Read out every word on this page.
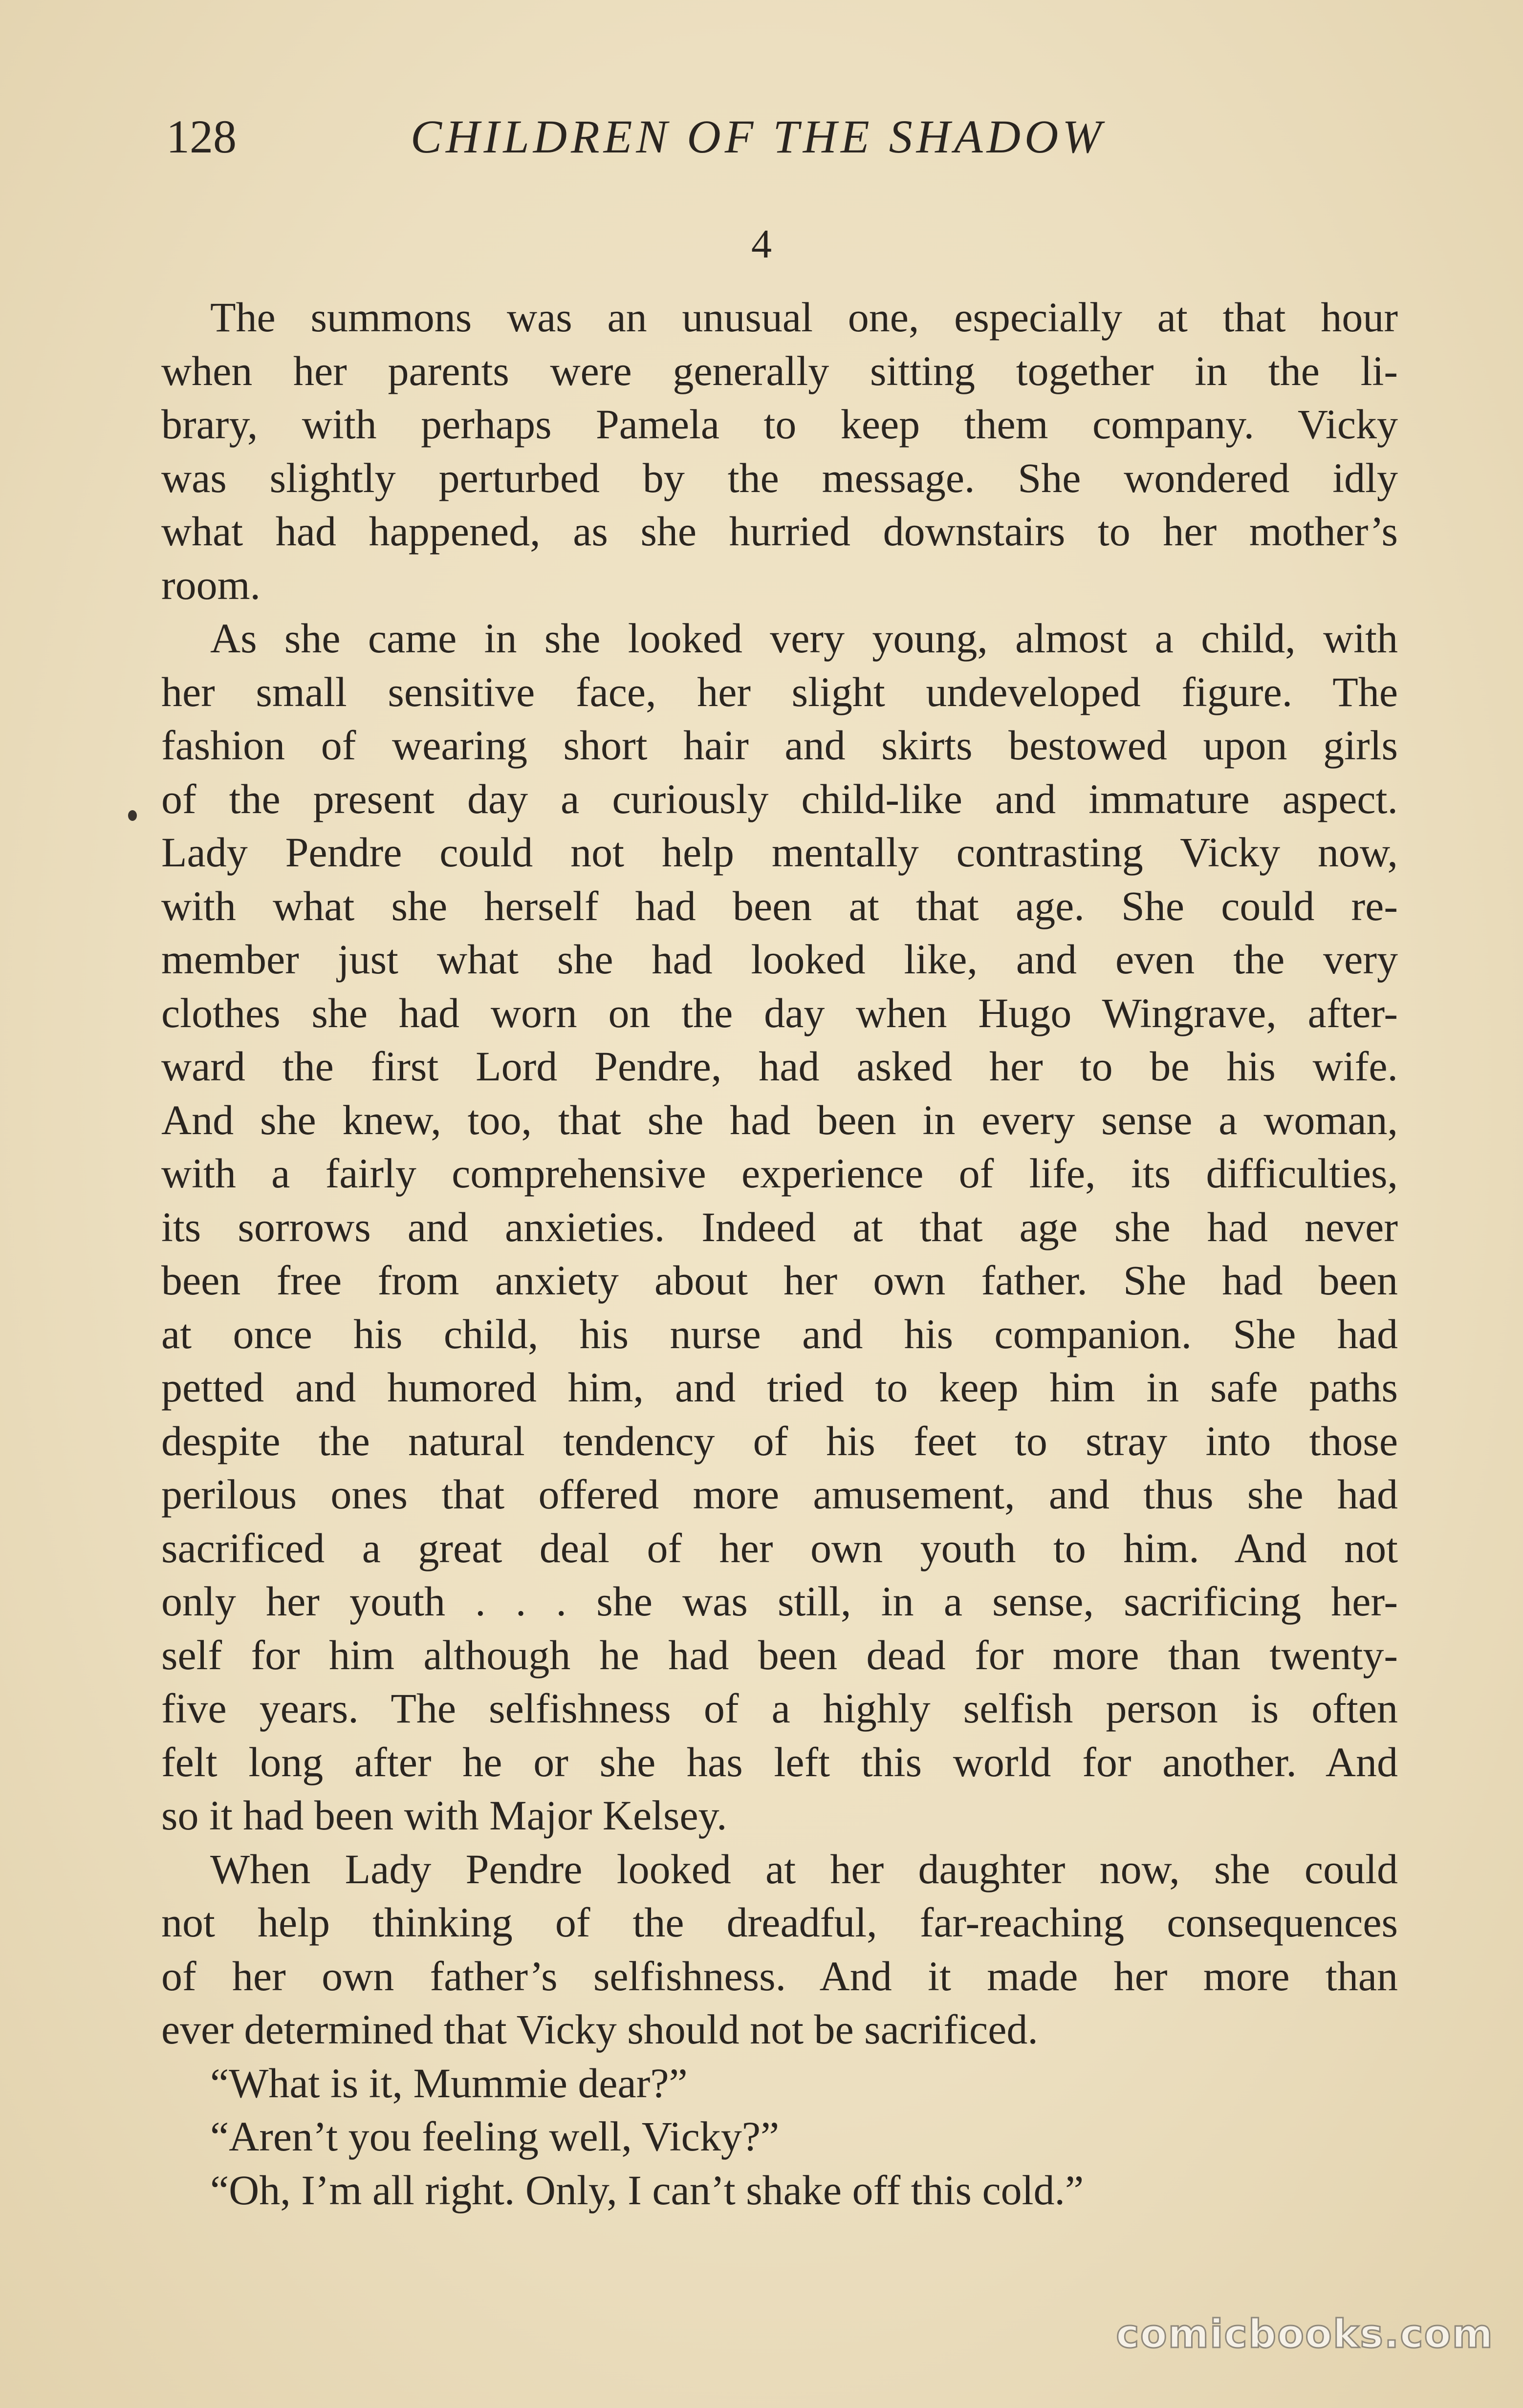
128	CHILDREN OF THE SHADOW
4
The summons was an unusual one, especially at that hour
when her parents were generally sitting together in the li-
brary, with perhaps Pamela to keep them company. Vicky
was slightly perturbed by the message. She wondered idly
what had happened, as she hurried downstairs to her mother’s
room.
As she came in she looked very young, almost a child, with
her small sensitive face, her slight undeveloped figure. The
fashion of wearing short hair and skirts bestowed upon girls
of the present day a curiously child-like and immature aspect.
Lady Pendre could not help mentally contrasting Vicky now,
with what she herself had been at that age. She could re-
member just what she had looked like, and even the very
clothes she had worn on the day when Hugo Wingrave, after-
ward the first Lord Pendre, had asked her to be his wife.
And she knew, too, that she had been in every sense a woman,
with a fairly comprehensive experience of life, its difficulties,
its sorrows and anxieties. Indeed at that age she had never
been free from anxiety about her own father. She had been
at once his child, his nurse and his companion. She had
petted and humored him, and tried to keep him in safe paths
despite the natural tendency of his feet to stray into those
perilous ones that offered more amusement, and thus she had
sacrificed a great deal of her own youth to him. And not
only her youth . . . she was still, in a sense, sacrificing her-
self for him although he had been dead for more than twenty-
five years. The selfishness of a highly selfish person is often
felt long after he or she has left this world for another. And
so it had been with Major Kelsey.
When Lady Pendre looked at her daughter now, she could
not help thinking of the dreadful, far-reaching consequences
of her own father’s selfishness. And it made her more than
ever determined that Vicky should not be sacrificed.
“What is it, Mummie dear?”
“Aren’t you feeling well, Vicky?”
“Oh, I’m all right. Only, I can’t shake off this cold.”
comicbooks.com
